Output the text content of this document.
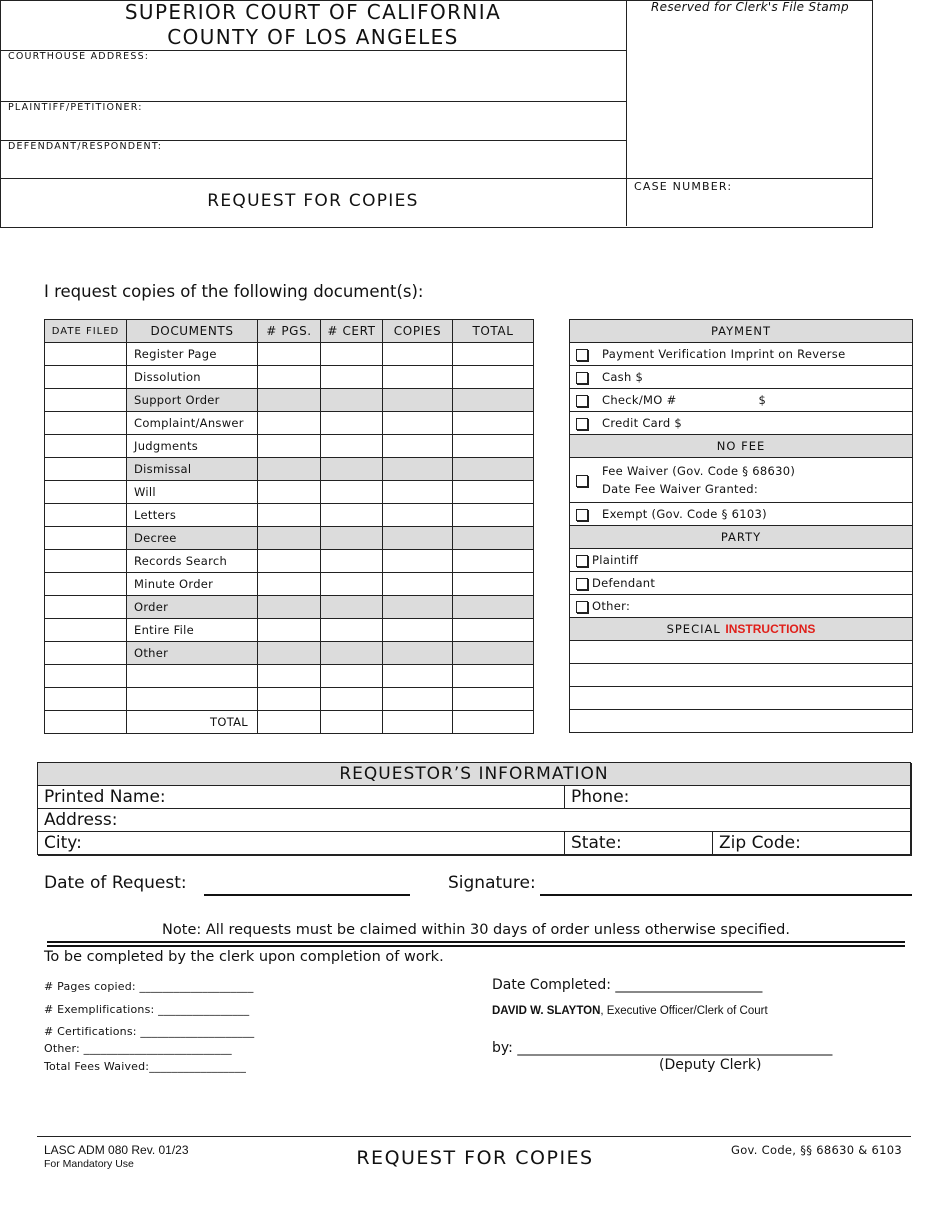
SUPERIOR COURT OF CALIFORNIA
COUNTY OF LOS ANGELES
COURTHOUSE ADDRESS:
PLAINTIFF/PETITIONER:
DEFENDANT/RESPONDENT:
REQUEST FOR COPIES
Reserved for Clerk's File Stamp
CASE NUMBER:
I request copies of the following document(s):
DATE FILED	DOCUMENTS	# PGS.	# CERT	COPIES	TOTAL
	Register Page				
	Dissolution				
	Support Order				
	Complaint/Answer				
	Judgments				
	Dismissal				
	Will				
	Letters				
	Decree				
	Records Search				
	Minute Order				
	Order				
	Entire File				
	Other				

	TOTAL				
PAYMENT
Payment Verification Imprint on Reverse
Cash $
Check/MO #	$
Credit Card $
NO FEE

Fee Waiver (Gov. Code § 68630)
Date Fee Waiver Granted:

Exempt (Gov. Code § 6103)
PARTY
Plaintiff
Defendant
Other:
SPECIAL INSTRUCTIONS

REQUESTOR’S INFORMATION
Printed Name:	Phone:
Address:
City:	State:	Zip Code:
Date of Request:	Signature:
Note: All requests must be claimed within 30 days of order unless otherwise specified.
To be completed by the clerk upon completion of work.
# Pages copied: ____________________
# Exemplifications: ________________
# Certifications: ____________________
Other: __________________________
Total Fees Waived:_________________
Date Completed: _____________________
DAVID W. SLAYTON, Executive Officer/Clerk of Court
by: _____________________________________________
(Deputy Clerk)
LASC ADM 080 Rev. 01/23
For Mandatory Use	REQUEST FOR COPIES	Gov. Code, §§ 68630 & 6103
